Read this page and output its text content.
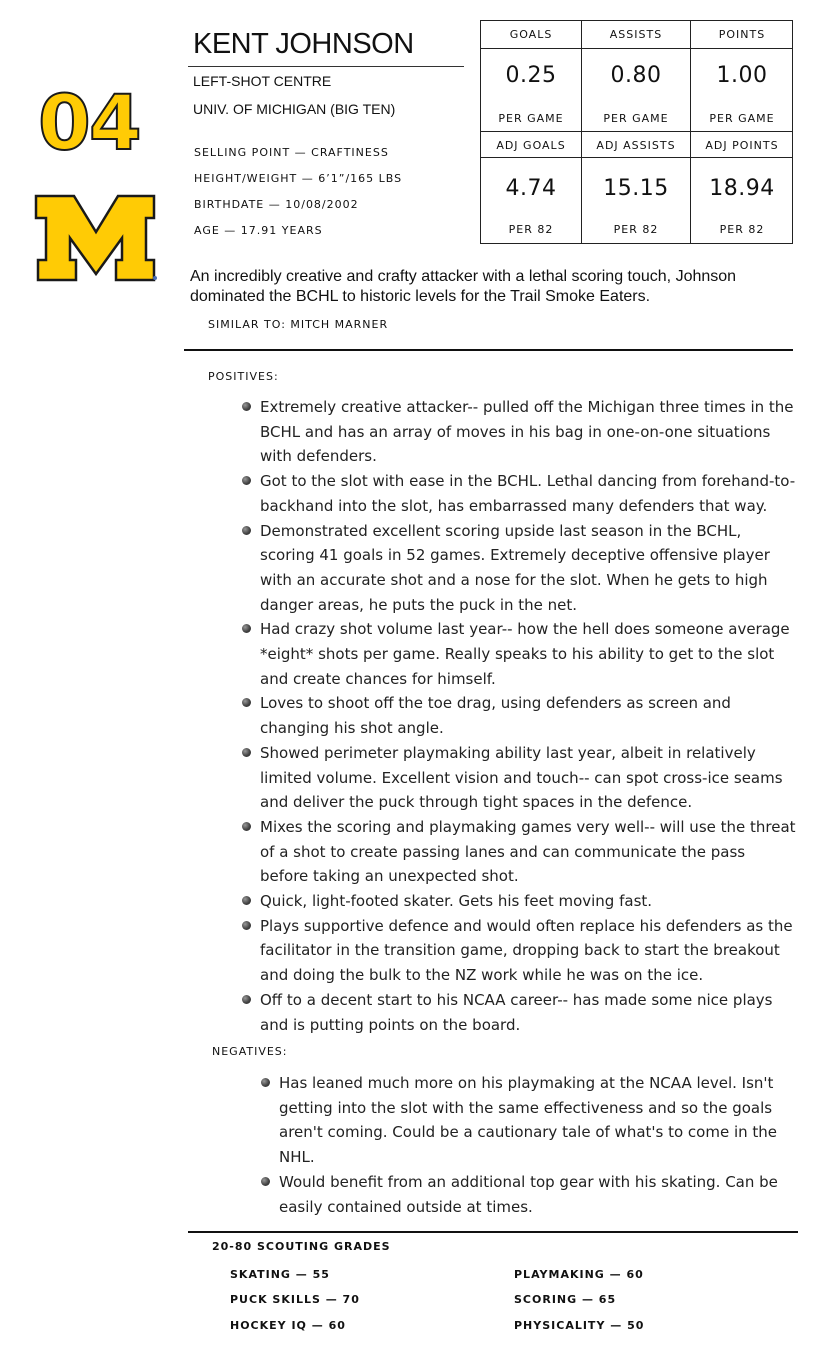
04
KENT JOHNSON
LEFT-SHOT CENTRE
UNIV. OF MICHIGAN (BIG TEN)
SELLING POINT — CRAFTINESS
HEIGHT/WEIGHT — 6’1”/165 LBS
BIRTHDATE — 10/08/2002
AGE — 17.91 YEARS
GOALS	ASSISTS	POINTS
0.25	0.80	1.00
PER GAME	PER GAME	PER GAME
ADJ GOALS	ADJ ASSISTS	ADJ POINTS
4.74	15.15	18.94
PER 82	PER 82	PER 82
An incredibly creative and crafty attacker with a lethal scoring touch, Johnson dominated the BCHL to historic levels for the Trail Smoke Eaters.
SIMILAR TO: MITCH MARNER
POSITIVES:
Extremely creative attacker-- pulled off the Michigan three times in the BCHL and has an array of moves in his bag in one-on-one situations with defenders.
Got to the slot with ease in the BCHL. Lethal dancing from forehand-to-backhand into the slot, has embarrassed many defenders that way.
Demonstrated excellent scoring upside last season in the BCHL, scoring 41 goals in 52 games. Extremely deceptive offensive player with an accurate shot and a nose for the slot. When he gets to high danger areas, he puts the puck in the net.
Had crazy shot volume last year-- how the hell does someone average *eight* shots per game. Really speaks to his ability to get to the slot and create chances for himself.
Loves to shoot off the toe drag, using defenders as screen and changing his shot angle.
Showed perimeter playmaking ability last year, albeit in relatively limited volume. Excellent vision and touch-- can spot cross-ice seams and deliver the puck through tight spaces in the defence.
Mixes the scoring and playmaking games very well-- will use the threat of a shot to create passing lanes and can communicate the pass before taking an unexpected shot.
Quick, light-footed skater. Gets his feet moving fast.
Plays supportive defence and would often replace his defenders as the facilitator in the transition game, dropping back to start the breakout and doing the bulk to the NZ work while he was on the ice.
Off to a decent start to his NCAA career-- has made some nice plays and is putting points on the board.
NEGATIVES:
Has leaned much more on his playmaking at the NCAA level. Isn't getting into the slot with the same effectiveness and so the goals aren't coming. Could be a cautionary tale of what's to come in the NHL.
Would benefit from an additional top gear with his skating. Can be easily contained outside at times.
20-80 SCOUTING GRADES
SKATING — 55
PUCK SKILLS — 70
HOCKEY IQ — 60
PLAYMAKING — 60
SCORING — 65
PHYSICALITY — 50
